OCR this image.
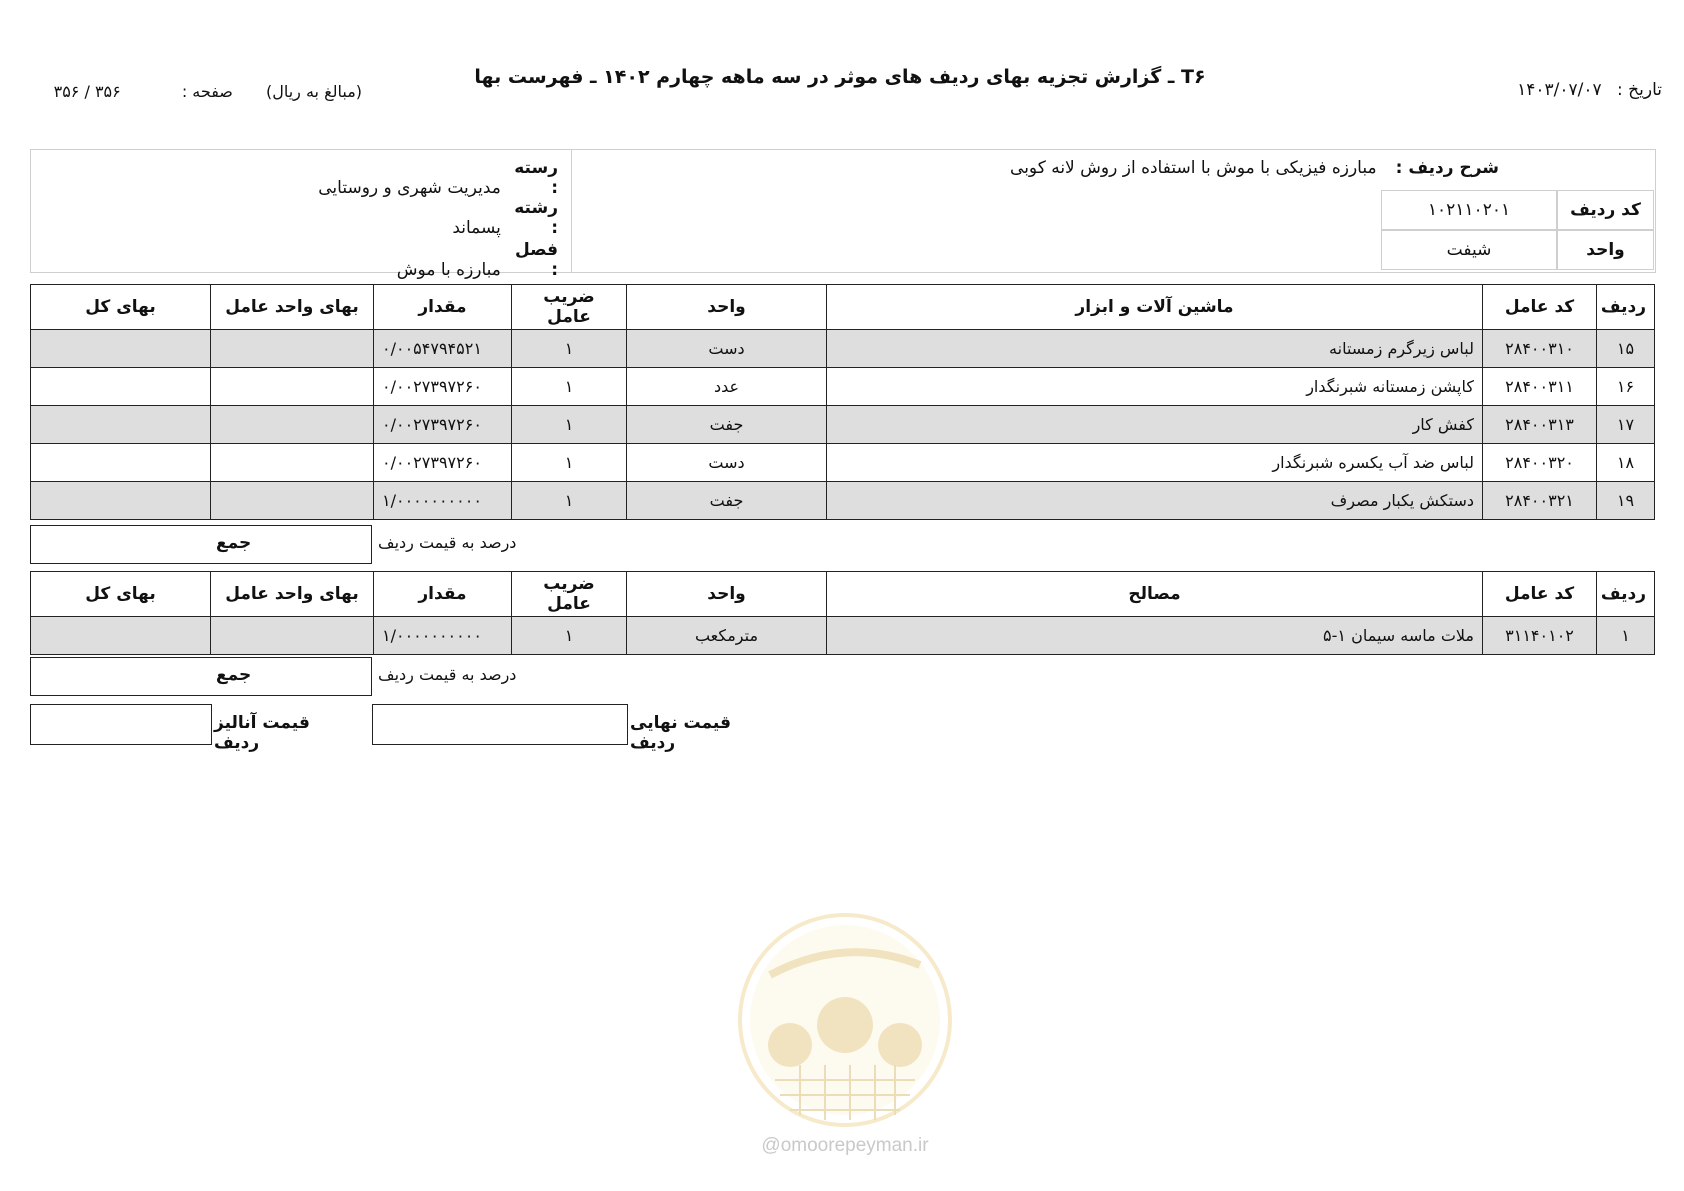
T۶ ـ گزارش تجزیه بهای ردیف های موثر در سه ماهه چهارم ۱۴۰۲ ـ فهرست بها
تاریخ : ۱۴۰۳/۰۷/۰۷
(مبالغ به ریال) صفحه : ۳۵۶ / ۳۵۶
شرح ردیف : مبارزه فیزیکی با موش با استفاده از روش لانه کوبی
کد ردیف
۱۰۲۱۱۰۲۰۱
واحد
شیفت
رسته : مدیریت شهری و روستایی
رشته : پسماند
فصل : مبارزه با موش
ردیف	کد عامل	ماشین آلات و ابزار	واحد	ضریب عامل	مقدار	بهای واحد عامل	بهای کل
۱۵	۲۸۴۰۰۳۱۰	لباس زیرگرم زمستانه	دست	۱	۰/۰۰۵۴۷۹۴۵۲۱		
۱۶	۲۸۴۰۰۳۱۱	کاپشن زمستانه شبرنگدار	عدد	۱	۰/۰۰۲۷۳۹۷۲۶۰		
۱۷	۲۸۴۰۰۳۱۳	کفش کار	جفت	۱	۰/۰۰۲۷۳۹۷۲۶۰		
۱۸	۲۸۴۰۰۳۲۰	لباس ضد آب یکسره شبرنگدار	دست	۱	۰/۰۰۲۷۳۹۷۲۶۰		
۱۹	۲۸۴۰۰۳۲۱	دستکش یکبار مصرف	جفت	۱	۱/۰۰۰۰۰۰۰۰۰۰		
جمع	درصد به قیمت ردیف
ردیف	کد عامل	مصالح	واحد	ضریب عامل	مقدار	بهای واحد عامل	بهای کل
۱	۳۱۱۴۰۱۰۲	ملات ماسه سیمان ۱-۵	مترمکعب	۱	۱/۰۰۰۰۰۰۰۰۰۰		
جمع	درصد به قیمت ردیف
قیمت آنالیز ردیف
قیمت نهایی ردیف
@omoorepeyman.ir
